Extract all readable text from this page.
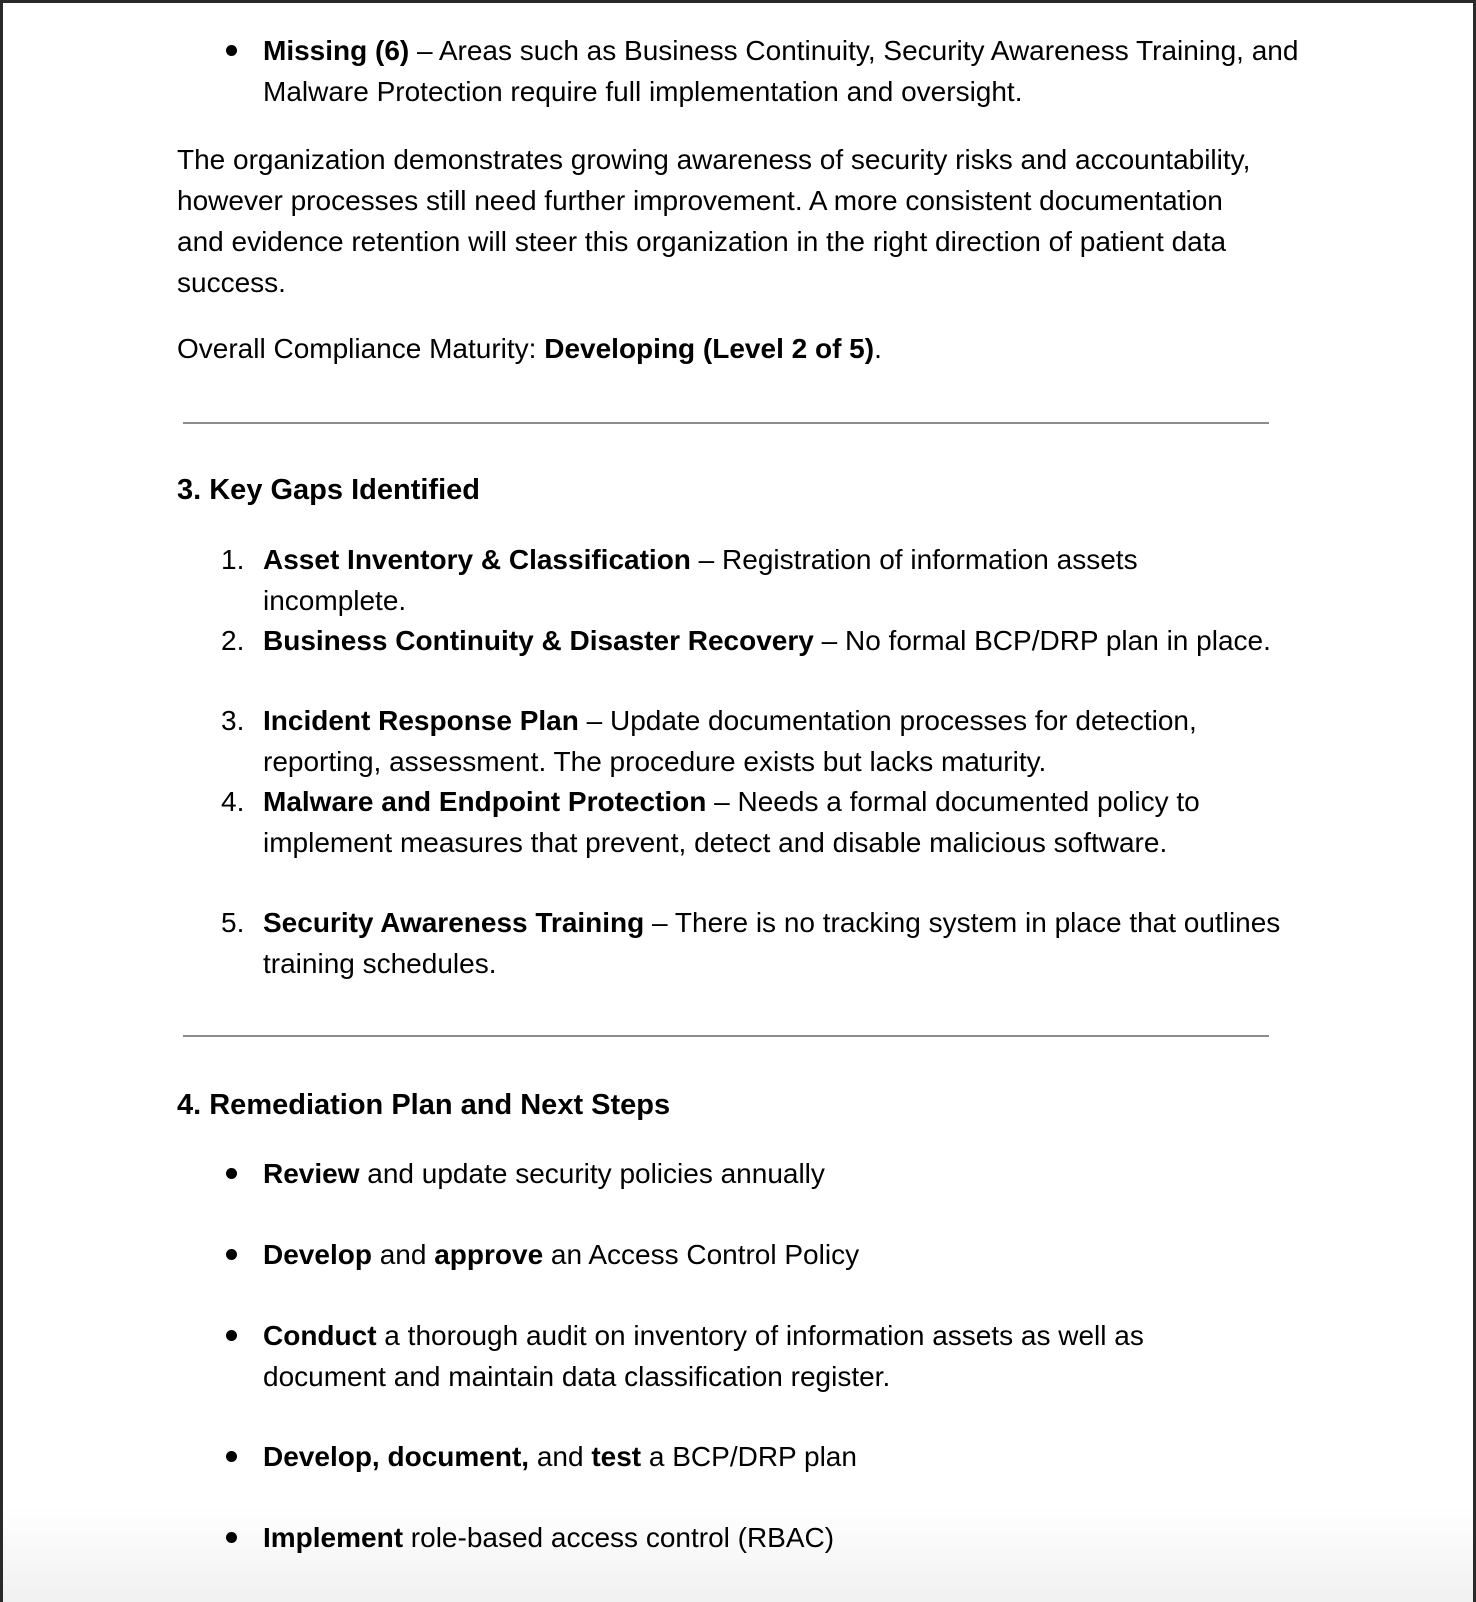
Missing (6) – Areas such as Business Continuity, Security Awareness Training, and Malware Protection require full implementation and oversight.
The organization demonstrates growing awareness of security risks and accountability, however processes still need further improvement. A more consistent documentation and evidence retention will steer this organization in the right direction of patient data success.
Overall Compliance Maturity: Developing (Level 2 of 5).
3. Key Gaps Identified
1. Asset Inventory & Classification – Registration of information assets incomplete.
2. Business Continuity & Disaster Recovery – No formal BCP/DRP plan in place.
3. Incident Response Plan – Update documentation processes for detection, reporting, assessment. The procedure exists but lacks maturity.
4. Malware and Endpoint Protection – Needs a formal documented policy to implement measures that prevent, detect and disable malicious software.
5. Security Awareness Training – There is no tracking system in place that outlines training schedules.
4. Remediation Plan and Next Steps
Review and update security policies annually
Develop and approve an Access Control Policy
Conduct a thorough audit on inventory of information assets as well as document and maintain data classification register.
Develop, document, and test a BCP/DRP plan
Implement role-based access control (RBAC)
